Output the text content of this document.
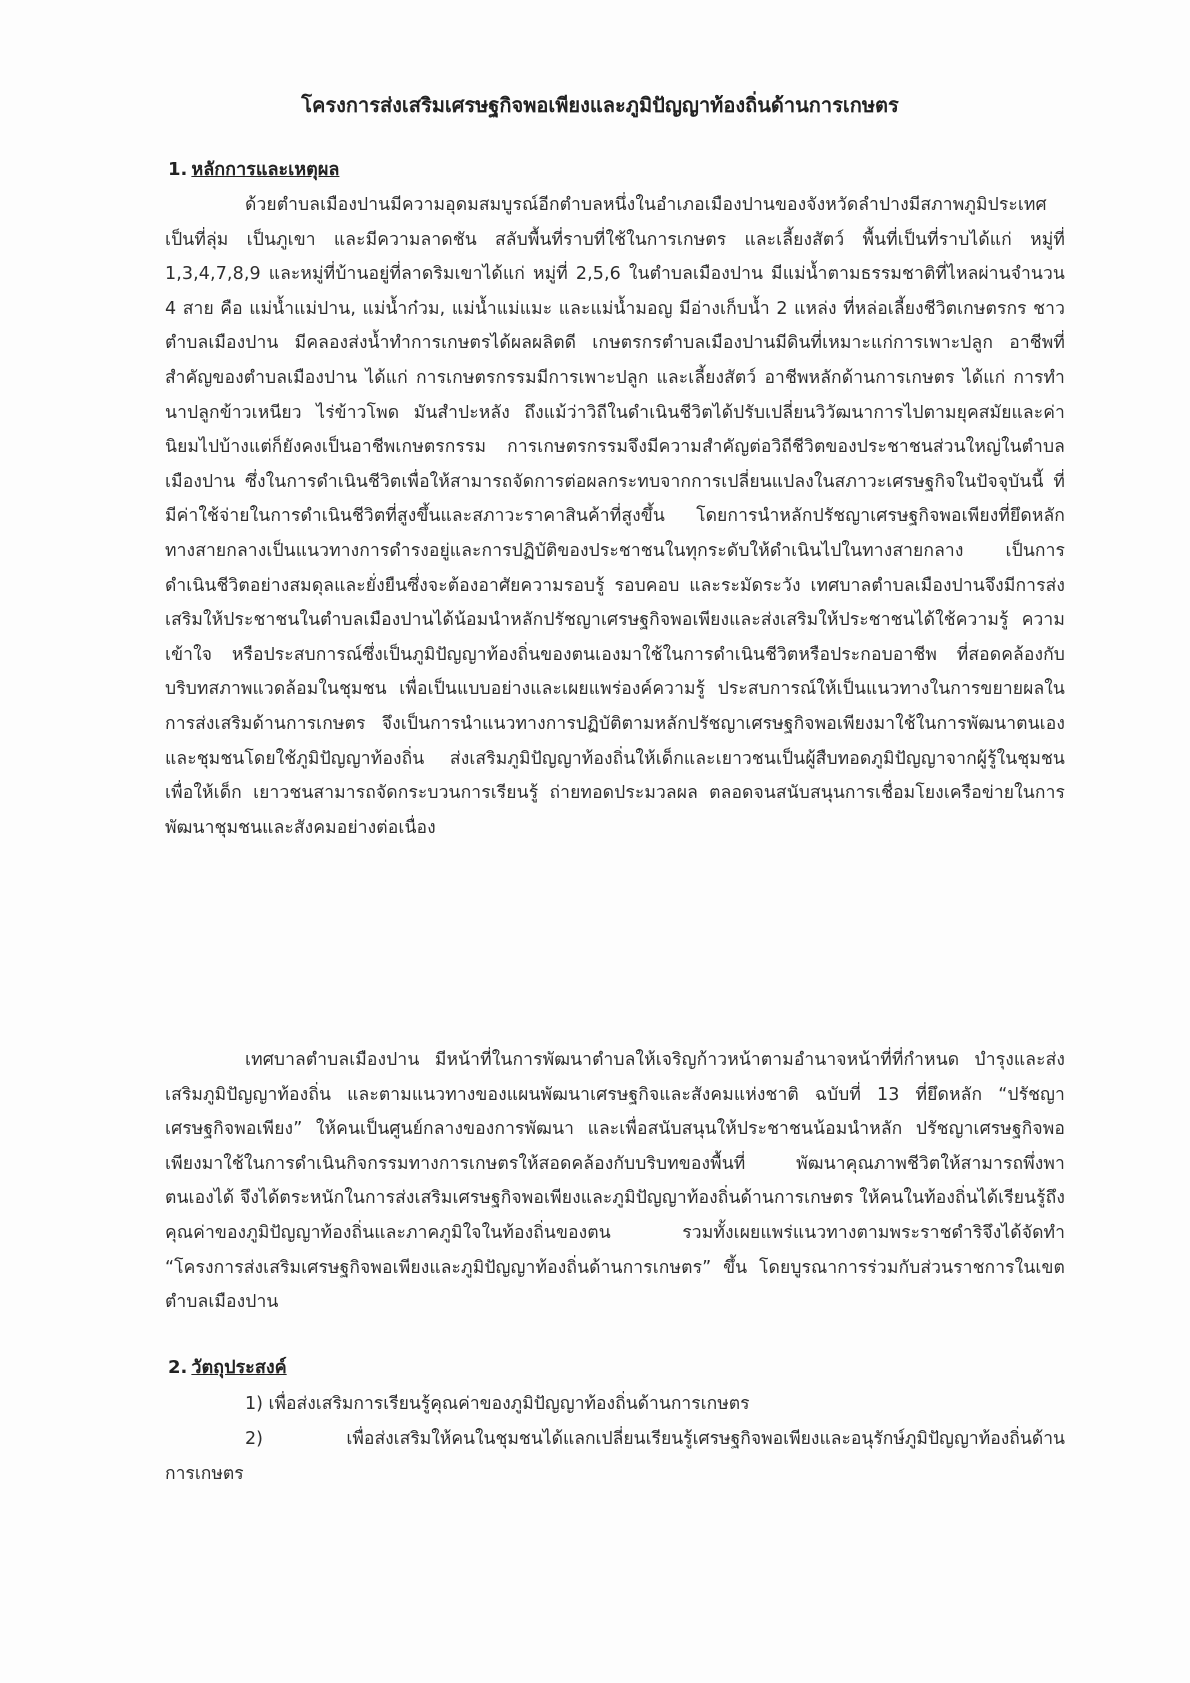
โครงการส่งเสริมเศรษฐกิจพอเพียงและภูมิปัญญาท้องถิ่นด้านการเกษตร
1. หลักการและเหตุผล

ด้วยตำบลเมืองปานมีความอุดมสมบูรณ์อีกตำบลหนึ่งในอำเภอเมืองปานของจังหวัดลำปางมีสภาพภูมิประเทศเป็นที่ลุ่ม เป็นภูเขา และมีความลาดชัน สลับพื้นที่ราบที่ใช้ในการเกษตร และเลี้ยงสัตว์ พื้นที่เป็นที่ราบได้แก่ หมู่ที่ 1,3,4,7,8,9 และหมู่ที่บ้านอยู่ที่ลาดริมเขาได้แก่ หมู่ที่ 2,5,6 ในตำบลเมืองปาน มีแม่น้ำตามธรรมชาติที่ไหลผ่านจำนวน 4 สาย คือ แม่น้ำแม่ปาน, แม่น้ำก๋วม, แม่น้ำแม่แมะ และแม่น้ำมอญ มีอ่างเก็บน้ำ 2 แหล่ง ที่หล่อเลี้ยงชีวิตเกษตรกร ชาวตำบลเมืองปาน มีคลองส่งน้ำทำการเกษตรได้ผลผลิตดี เกษตรกรตำบลเมืองปานมีดินที่เหมาะแก่การเพาะปลูก อาชีพที่สำคัญของตำบลเมืองปาน ได้แก่ การเกษตรกรรมมีการเพาะปลูก และเลี้ยงสัตว์ อาชีพหลักด้านการเกษตร ได้แก่ การทำนาปลูกข้าวเหนียว ไร่ข้าวโพด มันสำปะหลัง ถึงแม้ว่าวิถีในดำเนินชีวิตได้ปรับเปลี่ยนวิวัฒนาการไปตามยุคสมัยและค่านิยมไปบ้างแต่ก็ยังคงเป็นอาชีพเกษตรกรรม การเกษตรกรรมจึงมีความสำคัญต่อวิถีชีวิตของประชาชนส่วนใหญ่ในตำบลเมืองปาน ซึ่งในการดำเนินชีวิตเพื่อให้สามารถจัดการต่อผลกระทบจากการเปลี่ยนแปลงในสภาวะเศรษฐกิจในปัจจุบันนี้ ที่มีค่าใช้จ่ายในการดำเนินชีวิตที่สูงขึ้นและสภาวะราคาสินค้าที่สูงขึ้น โดยการนำหลักปรัชญาเศรษฐกิจพอเพียงที่ยึดหลักทางสายกลางเป็นแนวทางการดำรงอยู่และการปฏิบัติของประชาชนในทุกระดับให้ดำเนินไปในทางสายกลาง เป็นการดำเนินชีวิตอย่างสมดุลและยั่งยืนซึ่งจะต้องอาศัยความรอบรู้ รอบคอบ และระมัดระวัง เทศบาลตำบลเมืองปานจึงมีการส่งเสริมให้ประชาชนในตำบลเมืองปานได้น้อมนำหลักปรัชญาเศรษฐกิจพอเพียงและส่งเสริมให้ประชาชนได้ใช้ความรู้ ความเข้าใจ หรือประสบการณ์ซึ่งเป็นภูมิปัญญาท้องถิ่นของตนเองมาใช้ในการดำเนินชีวิตหรือประกอบอาชีพ ที่สอดคล้องกับบริบทสภาพแวดล้อมในชุมชน เพื่อเป็นแบบอย่างและเผยแพร่องค์ความรู้ ประสบการณ์ให้เป็นแนวทางในการขยายผลในการส่งเสริมด้านการเกษตร จึงเป็นการนำแนวทางการปฏิบัติตามหลักปรัชญาเศรษฐกิจพอเพียงมาใช้ในการพัฒนาตนเองและชุมชนโดยใช้ภูมิปัญญาท้องถิ่น ส่งเสริมภูมิปัญญาท้องถิ่นให้เด็กและเยาวชนเป็นผู้สืบทอดภูมิปัญญาจากผู้รู้ในชุมชน เพื่อให้เด็ก เยาวชนสามารถจัดกระบวนการเรียนรู้ ถ่ายทอดประมวลผล ตลอดจนสนับสนุนการเชื่อมโยงเครือข่ายในการพัฒนาชุมชนและสังคมอย่างต่อเนื่อง

เทศบาลตำบลเมืองปาน มีหน้าที่ในการพัฒนาตำบลให้เจริญก้าวหน้าตามอำนาจหน้าที่ที่กำหนด บำรุงและส่งเสริมภูมิปัญญาท้องถิ่น และตามแนวทางของแผนพัฒนาเศรษฐกิจและสังคมแห่งชาติ ฉบับที่ 13 ที่ยึดหลัก “ปรัชญาเศรษฐกิจพอเพียง” ให้คนเป็นศูนย์กลางของการพัฒนา และเพื่อสนับสนุนให้ประชาชนน้อมนำหลัก ปรัชญาเศรษฐกิจพอเพียงมาใช้ในการดำเนินกิจกรรมทางการเกษตรให้สอดคล้องกับบริบทของพื้นที่ พัฒนาคุณภาพชีวิตให้สามารถพึ่งพาตนเองได้ จึงได้ตระหนักในการส่งเสริมเศรษฐกิจพอเพียงและภูมิปัญญาท้องถิ่นด้านการเกษตร ให้คนในท้องถิ่นได้เรียนรู้ถึงคุณค่าของภูมิปัญญาท้องถิ่นและภาคภูมิใจในท้องถิ่นของตน รวมทั้งเผยแพร่แนวทางตามพระราชดำริจึงได้จัดทำ “โครงการส่งเสริมเศรษฐกิจพอเพียงและภูมิปัญญาท้องถิ่นด้านการเกษตร” ขึ้น โดยบูรณาการร่วมกับส่วนราชการในเขตตำบลเมืองปาน

2. วัตถุประสงค์

1) เพื่อส่งเสริมการเรียนรู้คุณค่าของภูมิปัญญาท้องถิ่นด้านการเกษตร

2) เพื่อส่งเสริมให้คนในชุมชนได้แลกเปลี่ยนเรียนรู้เศรษฐกิจพอเพียงและอนุรักษ์ภูมิปัญญาท้องถิ่นด้านการเกษตร
